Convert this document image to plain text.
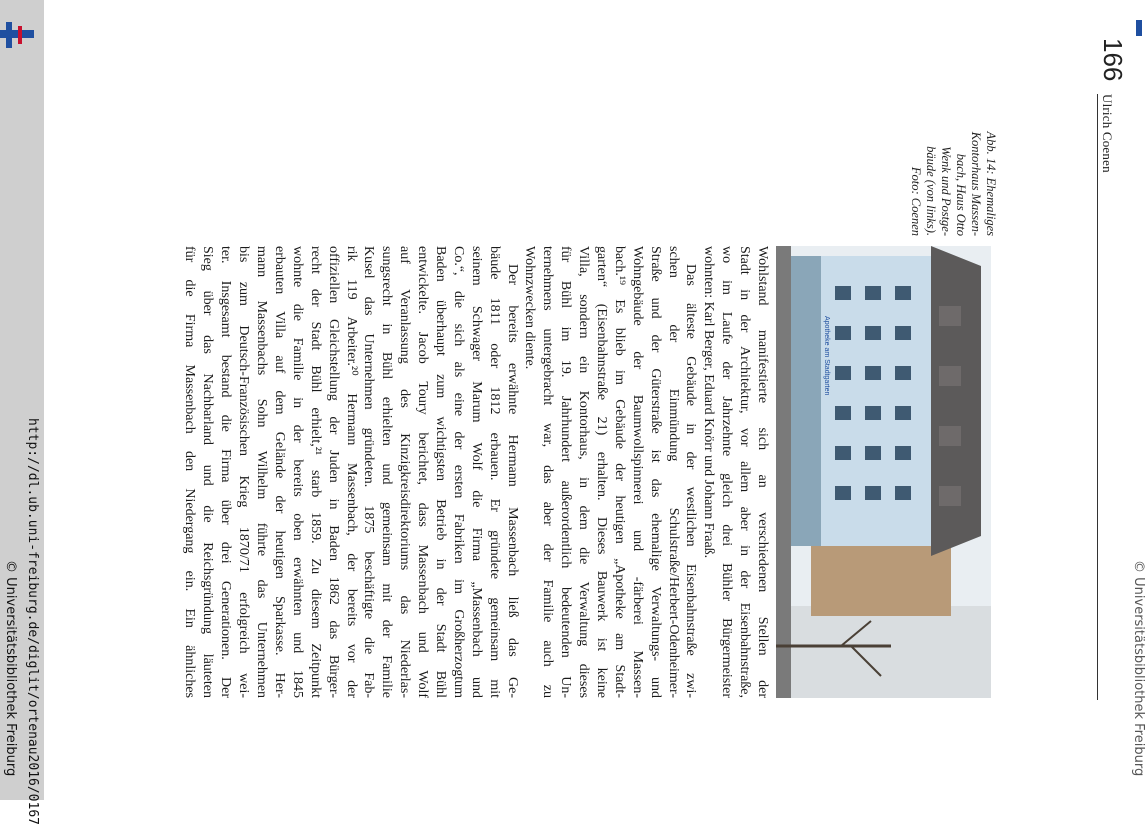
http://dl.ub.uni-freiburg.de/diglit/ortenau2016/0167
© Universitätsbibliothek Freiburg	© Universitätsbibliothek Freiburg
166
Ulrich Coenen
Abb. 14: Ehemaliges
Kontorhaus Massen-
bach, Haus Otto
Wenk und Postge-
bäude (von links).
Foto: Coenen
Apotheke am Stadtgarten
Wohlstand manifestierte sich an verschiedenen Stellen der
Stadt in der Architektur, vor allem aber in der Eisenbahnstraße,
wo im Laufe der Jahrzehnte gleich drei Bühler Bürgermeister
wohnten: Karl Berger, Eduard Knörr und Johann Fraaß.
Das älteste Gebäude in der westlichen Eisenbahnstraße zwi-
schen der Einmündung Schulstraße/Herbert-Odenheimer-
Straße und der Güterstraße ist das ehemalige Verwaltungs- und
Wohngebäude der Baumwollspinnerei und -färberei Massen-
bach.¹⁹ Es blieb im Gebäude der heutigen „Apotheke am Stadt-
garten“ (Eisenbahnstraße 21) erhalten. Dieses Bauwerk ist keine
Villa, sondern ein Kontorhaus, in dem die Verwaltung dieses
für Bühl im 19. Jahrhundert außerordentlich bedeutenden Un-
ternehmens untergebracht war, das aber der Familie auch zu
Wohnzwecken diente.
Der bereits erwähnte Hermann Massenbach ließ das Ge-
bäude 1811 oder 1812 erbauen. Er gründete gemeinsam mit
seinem Schwager Marum Wolf die Firma „Massenbach und
Co.“, die sich als eine der ersten Fabriken im Großherzogtum
Baden überhaupt zum wichtigsten Betrieb in der Stadt Bühl
entwickelte. Jacob Toury berichtet, dass Massenbach und Wolf
auf Veranlassung des Kinzigkreisdirektoriums das Niederlas-
sungsrecht in Bühl erhielten und gemeinsam mit der Familie
Kusel das Unternehmen gründeten. 1875 beschäftigte die Fab-
rik 119 Arbeiter.²⁰ Hermann Massenbach, der bereits vor der
offiziellen Gleichstellung der Juden in Baden 1862 das Bürger-
recht der Stadt Bühl erhielt,²¹ starb 1859. Zu diesem Zeitpunkt
wohnte die Familie in der bereits oben erwähnten und 1845
erbauten Villa auf dem Gelände der heutigen Sparkasse. Her-
mann Massenbachs Sohn Wilhelm führte das Unternehmen
bis zum Deutsch-Französischen Krieg 1870/71 erfolgreich wei-
ter. Insgesamt bestand die Firma über drei Generationen. Der
Sieg über das Nachbarland und die Reichsgründung läuteten
für die Firma Massenbach den Niedergang ein. Ein ähnliches
